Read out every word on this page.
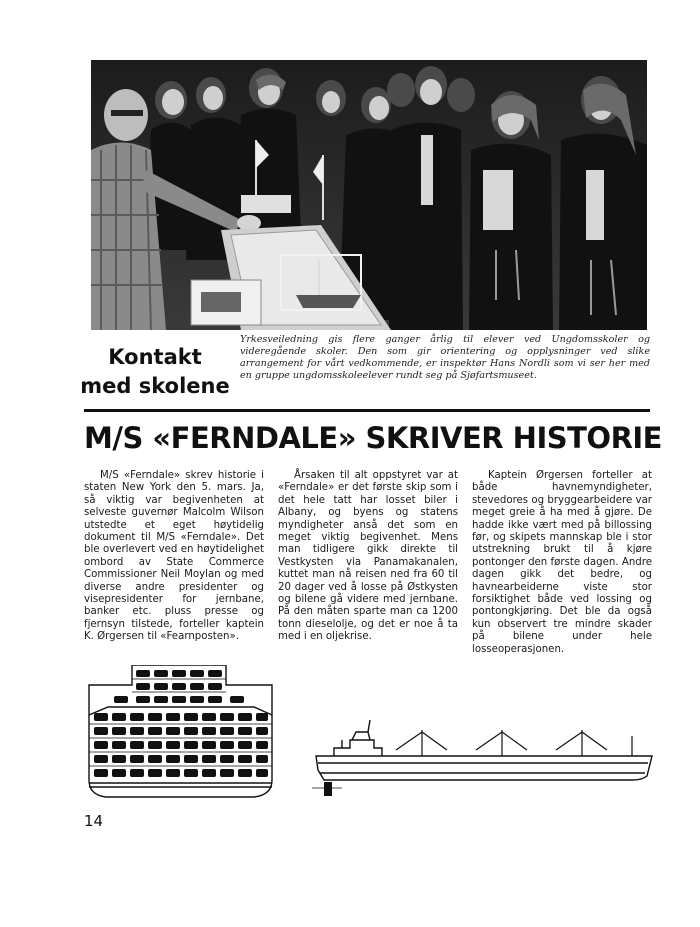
Kontakt
med skolene
Yrkesveiledning gis flere ganger årlig til elever ved Ungdomsskoler og videregående skoler. Den som gir orientering og opplysninger ved slike arrangement for vårt vedkommende, er inspektør Hans Nordli som vi ser her med en gruppe ungdomsskoleelever rundt seg på Sjøfartsmuseet.
M/S «FERNDALE» SKRIVER HISTORIE

M/S «Ferndale» skrev historie i staten New York den 5. mars. Ja, så viktig var begivenheten at selveste guvernør Malcolm Wilson utstedte et eget høytidelig dokument til M/S «Ferndale». Det ble overlevert ved en høytidelighet ombord av State Commerce Commissioner Neil Moylan og med diverse andre presidenter og visepresidenter for jernbane, banker etc. pluss presse og fjernsyn tilstede, forteller kaptein K. Ørgersen til «Fearnposten».

Årsaken til alt oppstyret var at «Ferndale» er det første skip som i det hele tatt har losset biler i Albany, og byens og statens myndigheter anså det som en meget viktig begivenhet. Mens man tidligere gikk direkte til Vestkysten via Panamakanalen, kuttet man nå reisen ned fra 60 til 20 dager ved å losse på Østkysten og bilene gå videre med jernbane. På den måten sparte man ca 1200 tonn dieselolje, og det er noe å ta med i en oljekrise.

Kaptein Ørgersen forteller at både havnemyndigheter, stevedores og bryggearbeidere var meget greie å ha med å gjøre. De hadde ikke vært med på billossing før, og skipets mannskap ble i stor utstrekning brukt til å kjøre pontonger den første dagen. Andre dagen gikk det bedre, og havnearbeiderne viste stor forsiktighet både ved lossing og pontongkjøring. Det ble da også kun observert tre mindre skader på bilene under hele losseoperasjonen.

14
